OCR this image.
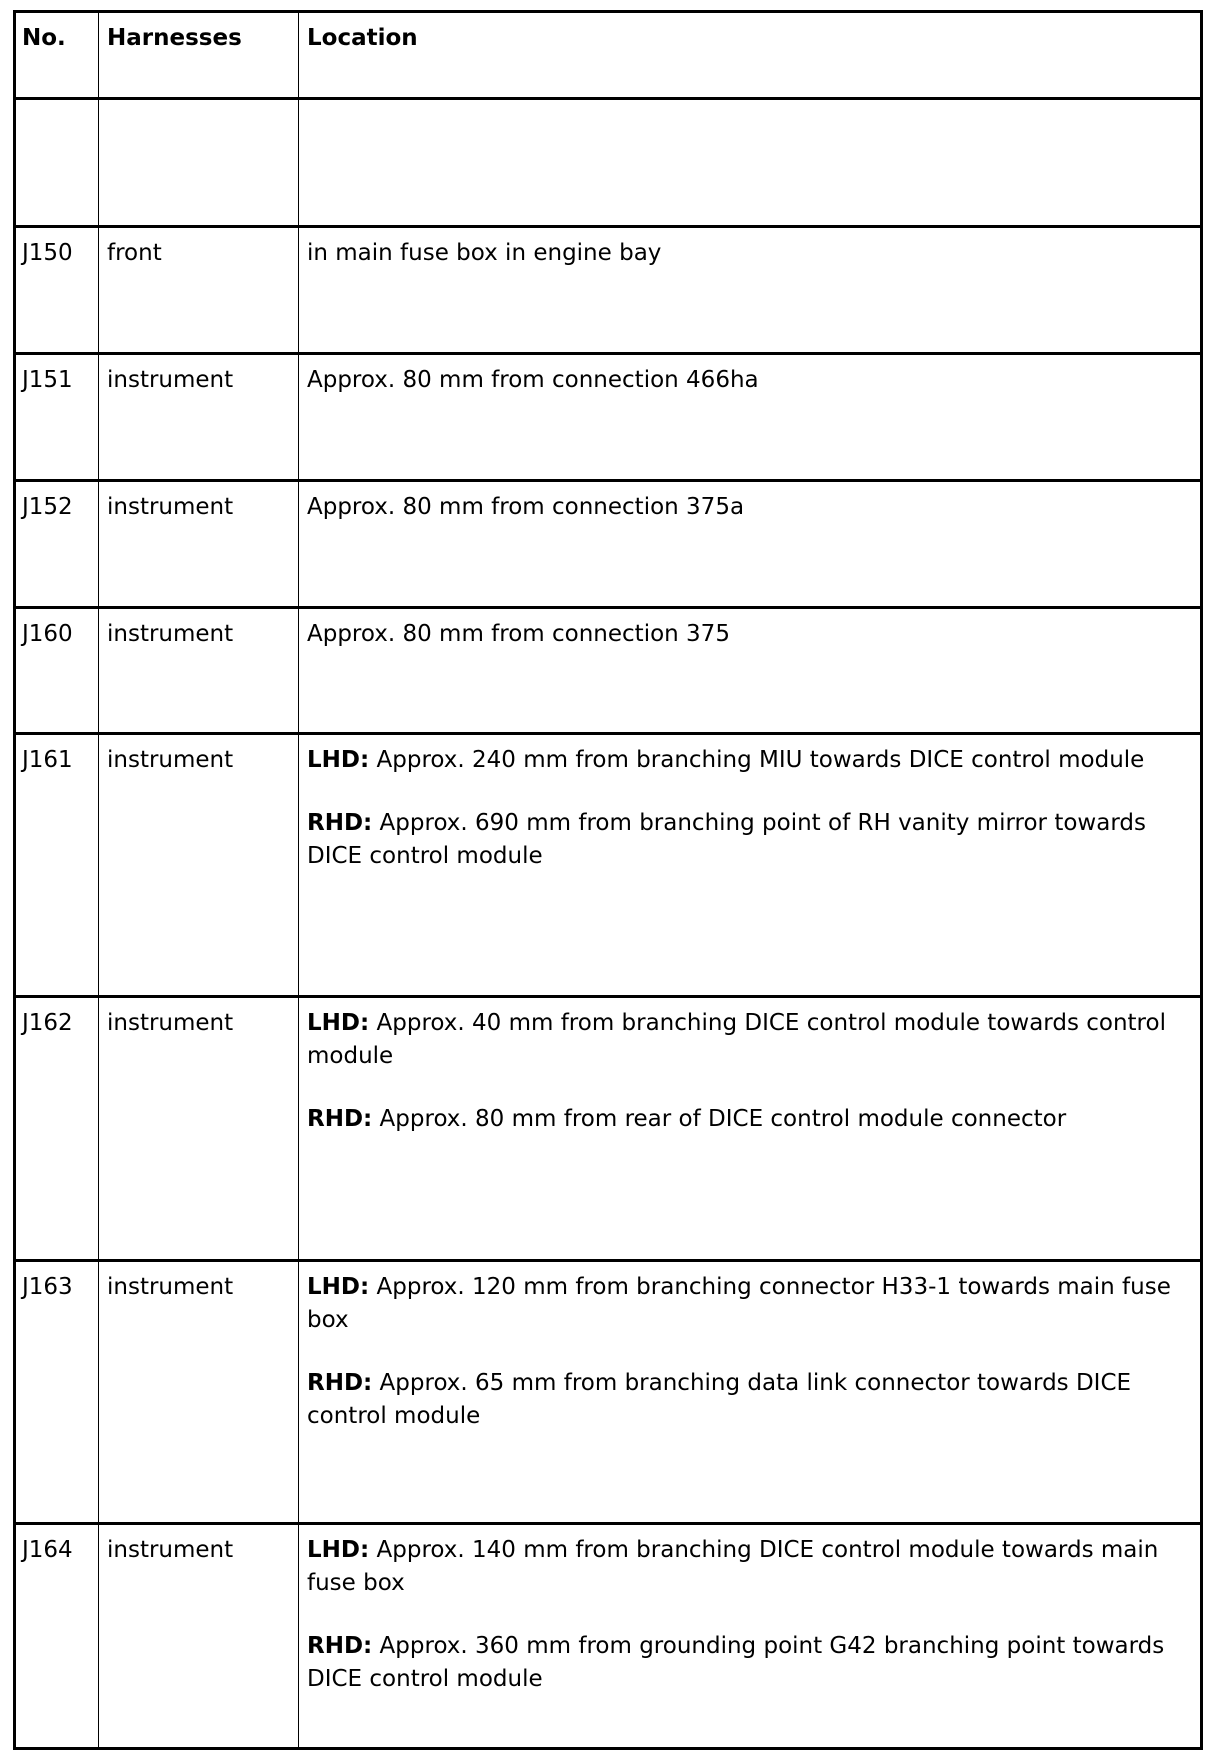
No.	Harnesses	Location

J150	front	in main fuse box in engine bay

J151	instrument	Approx. 80 mm from connection 466ha

J152	instrument	Approx. 80 mm from connection 375a

J160	instrument	Approx. 80 mm from connection 375

J161	instrument	LHD: Approx. 240 mm from branching MIU towards DICE control module

RHD: Approx. 690 mm from branching point of RH vanity mirror towards DICE control module

J162	instrument	LHD: Approx. 40 mm from branching DICE control module towards control module

RHD: Approx. 80 mm from rear of DICE control module connector

J163	instrument	LHD: Approx. 120 mm from branching connector H33-1 towards main fuse box

RHD: Approx. 65 mm from branching data link connector towards DICE control module

J164	instrument	LHD: Approx. 140 mm from branching DICE control module towards main fuse box

RHD: Approx. 360 mm from grounding point G42 branching point towards DICE control module
